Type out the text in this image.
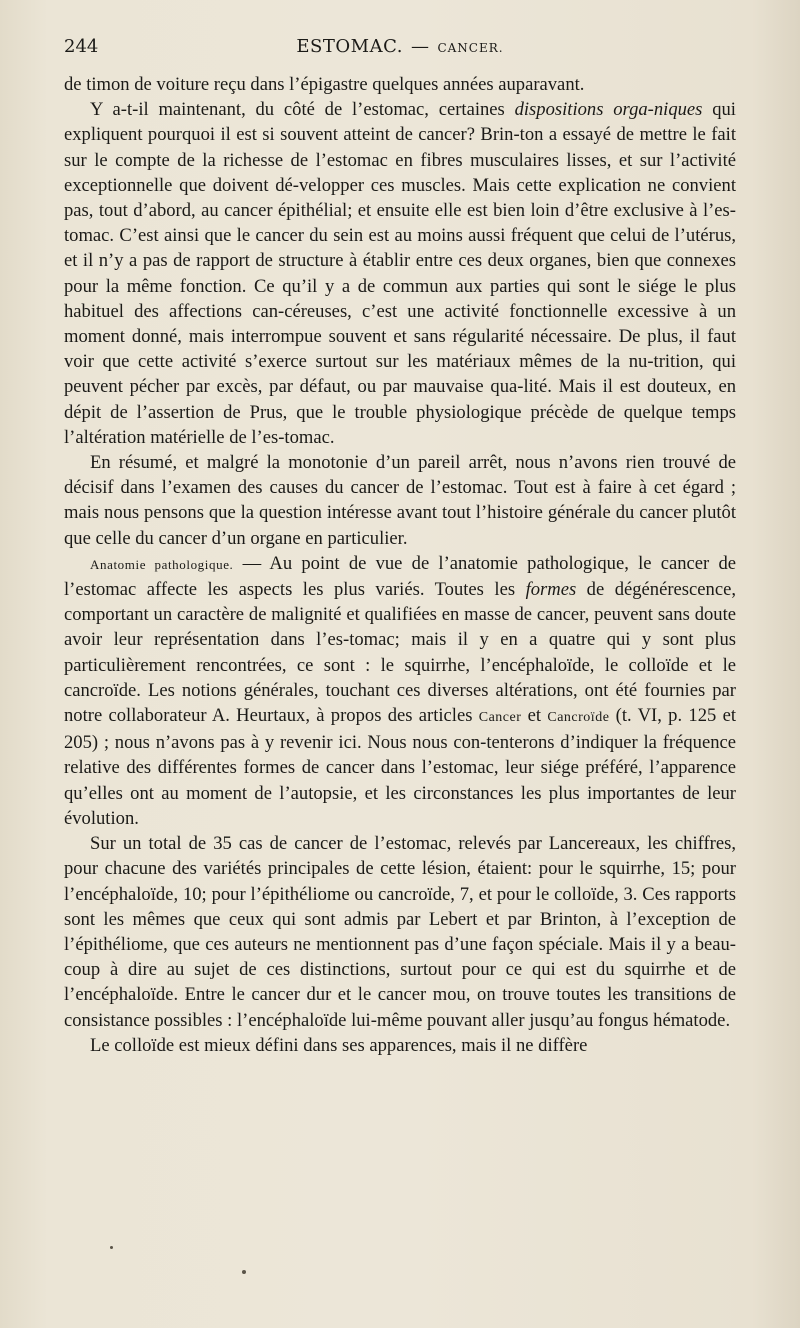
244	ESTOMAC. — CANCER.

de timon de voiture reçu dans l’épigastre quelques années auparavant.

Y a-t-il maintenant, du côté de l’estomac, certaines dispositions orga-niques qui expliquent pourquoi il est si souvent atteint de cancer? Brin-ton a essayé de mettre le fait sur le compte de la richesse de l’estomac en fibres musculaires lisses, et sur l’activité exceptionnelle que doivent dé-velopper ces muscles. Mais cette explication ne convient pas, tout d’abord, au cancer épithélial; et ensuite elle est bien loin d’être exclusive à l’es-tomac. C’est ainsi que le cancer du sein est au moins aussi fréquent que celui de l’utérus, et il n’y a pas de rapport de structure à établir entre ces deux organes, bien que connexes pour la même fonction. Ce qu’il y a de commun aux parties qui sont le siége le plus habituel des affections can-céreuses, c’est une activité fonctionnelle excessive à un moment donné, mais interrompue souvent et sans régularité nécessaire. De plus, il faut voir que cette activité s’exerce surtout sur les matériaux mêmes de la nu-trition, qui peuvent pécher par excès, par défaut, ou par mauvaise qua-lité. Mais il est douteux, en dépit de l’assertion de Prus, que le trouble physiologique précède de quelque temps l’altération matérielle de l’es-tomac.

En résumé, et malgré la monotonie d’un pareil arrêt, nous n’avons rien trouvé de décisif dans l’examen des causes du cancer de l’estomac. Tout est à faire à cet égard ; mais nous pensons que la question intéresse avant tout l’histoire générale du cancer plutôt que celle du cancer d’un organe en particulier.

Anatomie pathologique. — Au point de vue de l’anatomie pathologique, le cancer de l’estomac affecte les aspects les plus variés. Toutes les formes de dégénérescence, comportant un caractère de malignité et qualifiées en masse de cancer, peuvent sans doute avoir leur représentation dans l’es-tomac; mais il y en a quatre qui y sont plus particulièrement rencontrées, ce sont : le squirrhe, l’encéphaloïde, le colloïde et le cancroïde. Les notions générales, touchant ces diverses altérations, ont été fournies par notre collaborateur A. Heurtaux, à propos des articles Cancer et Cancroïde (t. VI, p. 125 et 205) ; nous n’avons pas à y revenir ici. Nous nous con-tenterons d’indiquer la fréquence relative des différentes formes de cancer dans l’estomac, leur siége préféré, l’apparence qu’elles ont au moment de l’autopsie, et les circonstances les plus importantes de leur évolution.

Sur un total de 35 cas de cancer de l’estomac, relevés par Lancereaux, les chiffres, pour chacune des variétés principales de cette lésion, étaient: pour le squirrhe, 15; pour l’encéphaloïde, 10; pour l’épithéliome ou cancroïde, 7, et pour le colloïde, 3. Ces rapports sont les mêmes que ceux qui sont admis par Lebert et par Brinton, à l’exception de l’épithéliome, que ces auteurs ne mentionnent pas d’une façon spéciale. Mais il y a beau-coup à dire au sujet de ces distinctions, surtout pour ce qui est du squirrhe et de l’encéphaloïde. Entre le cancer dur et le cancer mou, on trouve toutes les transitions de consistance possibles : l’encéphaloïde lui-même pouvant aller jusqu’au fongus hématode.

Le colloïde est mieux défini dans ses apparences, mais il ne diffère
